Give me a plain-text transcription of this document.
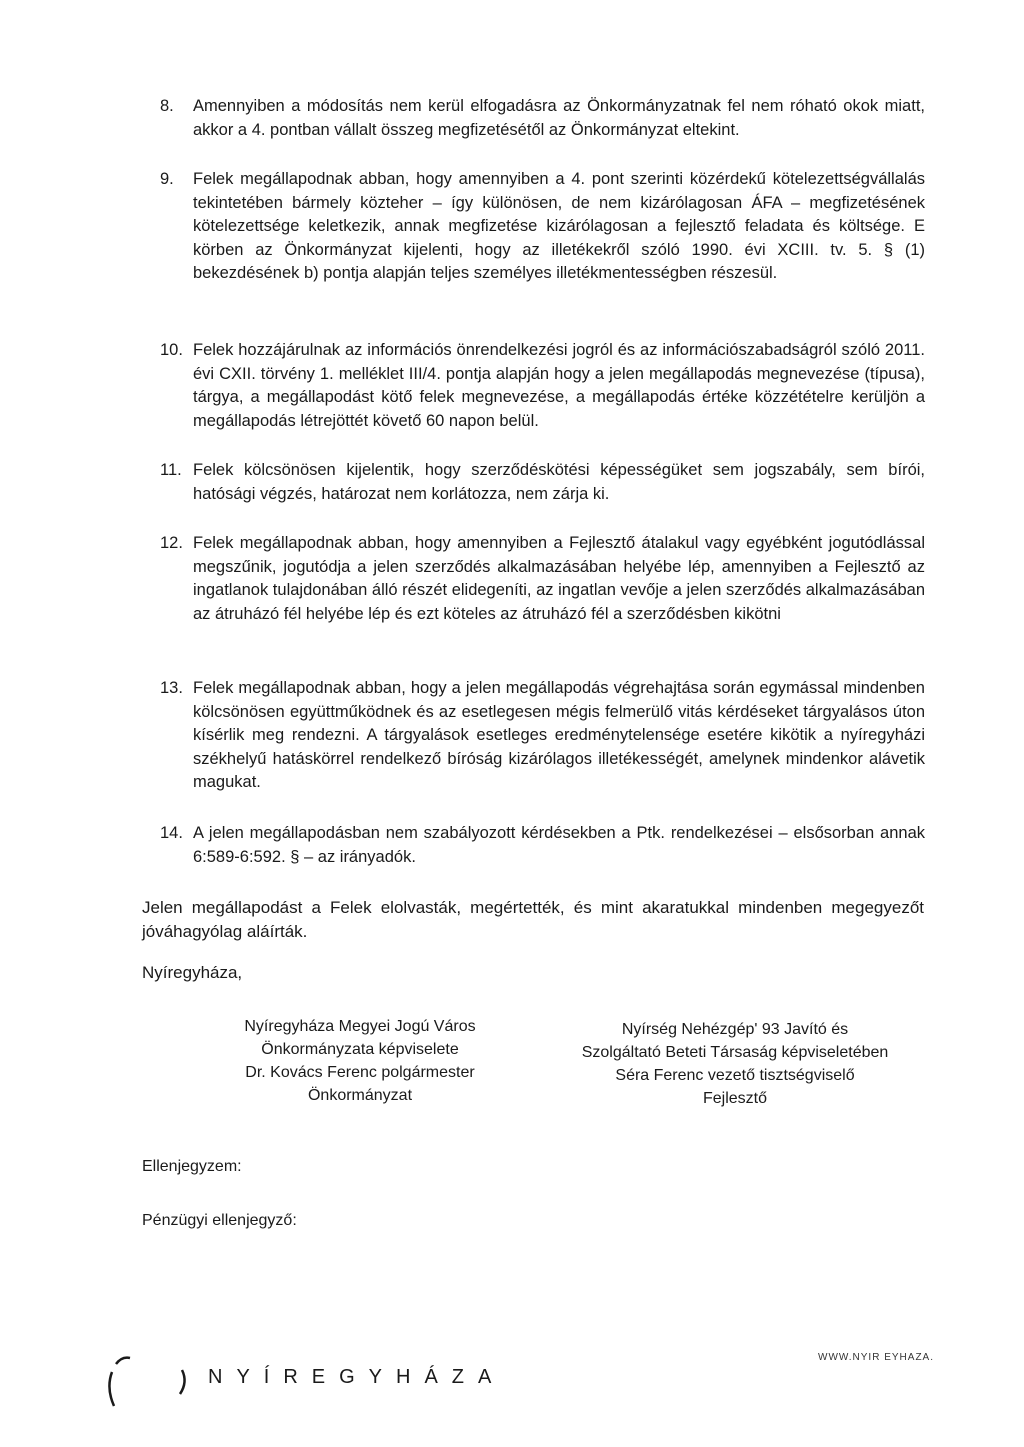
8. Amennyiben a módosítás nem kerül elfogadásra az Önkormányzatnak fel nem róható okok miatt, akkor a 4. pontban vállalt összeg megfizetésétől az Önkormányzat eltekint.
9. Felek megállapodnak abban, hogy amennyiben a 4. pont szerinti közérdekű kötelezettségvállalás tekintetében bármely közteher – így különösen, de nem kizárólagosan ÁFA – megfizetésének kötelezettsége keletkezik, annak megfizetése kizárólagosan a fejlesztő feladata és költsége. E körben az Önkormányzat kijelenti, hogy az illetékekről szóló 1990. évi XCIII. tv. 5. § (1) bekezdésének b) pontja alapján teljes személyes illetékmentességben részesül.
10. Felek hozzájárulnak az információs önrendelkezési jogról és az információszabadságról szóló 2011. évi CXII. törvény 1. melléklet III/4. pontja alapján hogy a jelen megállapodás megnevezése (típusa), tárgya, a megállapodást kötő felek megnevezése, a megállapodás értéke közzétételre kerüljön a megállapodás létrejöttét követő 60 napon belül.
11. Felek kölcsönösen kijelentik, hogy szerződéskötési képességüket sem jogszabály, sem bírói, hatósági végzés, határozat nem korlátozza, nem zárja ki.
12. Felek megállapodnak abban, hogy amennyiben a Fejlesztő átalakul vagy egyébként jogutódlással megszűnik, jogutódja a jelen szerződés alkalmazásában helyébe lép, amennyiben a Fejlesztő az ingatlanok tulajdonában álló részét elidegeníti, az ingatlan vevője a jelen szerződés alkalmazásában az átruházó fél helyébe lép és ezt köteles az átruházó fél a szerződésben kikötni
13. Felek megállapodnak abban, hogy a jelen megállapodás végrehajtása során egymással mindenben kölcsönösen együttműködnek és az esetlegesen mégis felmerülő vitás kérdéseket tárgyalásos úton kísérlik meg rendezni. A tárgyalások esetleges eredménytelensége esetére kikötik a nyíregyházi székhelyű hatáskörrel rendelkező bíróság kizárólagos illetékességét, amelynek mindenkor alávetik magukat.
14. A jelen megállapodásban nem szabályozott kérdésekben a Ptk. rendelkezései – elsősorban annak 6:589-6:592. § – az irányadók.
Jelen megállapodást a Felek elolvasták, megértették, és mint akaratukkal mindenben megegyezőt jóváhagyólag aláírták.
Nyíregyháza,
Nyíregyháza Megyei Jogú Város
Önkormányzata képviselete
Dr. Kovács Ferenc polgármester
Önkormányzat
Nyírség Nehézgép' 93 Javító és
Szolgáltató Beteti Társaság képviseletében
Séra Ferenc vezető tisztségviselő
Fejlesztő
Ellenjegyzem:
Pénzügyi ellenjegyző:
WWW.NYIR EYHAZA.
NYÍREGYHÁZA
